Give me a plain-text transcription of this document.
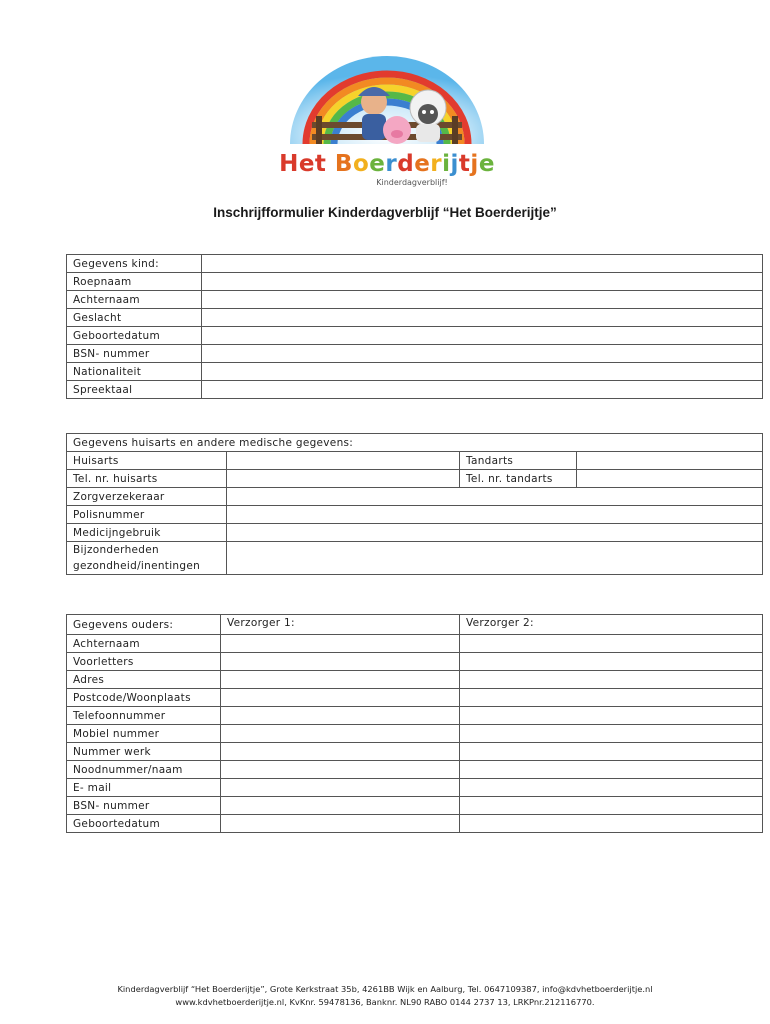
Het Boerderijtje
Kinderdagverblijf!
Inschrijfformulier Kinderdagverblijf “Het Boerderijtje”
Gegevens kind:	
Roepnaam	
Achternaam	
Geslacht	
Geboortedatum	
BSN- nummer	
Nationaliteit	
Spreektaal	
Gegevens huisarts en andere medische gegevens:			
Huisarts		Tandarts	
Tel. nr. huisarts		Tel. nr. tandarts	
Zorgverzekeraar			
Polisnummer			
Medicijngebruik			
Bijzonderheden
gezondheid/inentingen			
Gegevens ouders:	Verzorger 1:	Verzorger 2:
Achternaam		
Voorletters		
Adres		
Postcode/Woonplaats		
Telefoonnummer		
Mobiel nummer		
Nummer werk		
Noodnummer/naam		
E- mail		
BSN- nummer		
Geboortedatum		
Kinderdagverblijf “Het Boerderijtje”, Grote Kerkstraat 35b, 4261BB Wijk en Aalburg, Tel. 0647109387, info@kdvhetboerderijtje.nl
www.kdvhetboerderijtje.nl, KvKnr. 59478136, Banknr. NL90 RABO 0144 2737 13, LRKPnr.212116770.
